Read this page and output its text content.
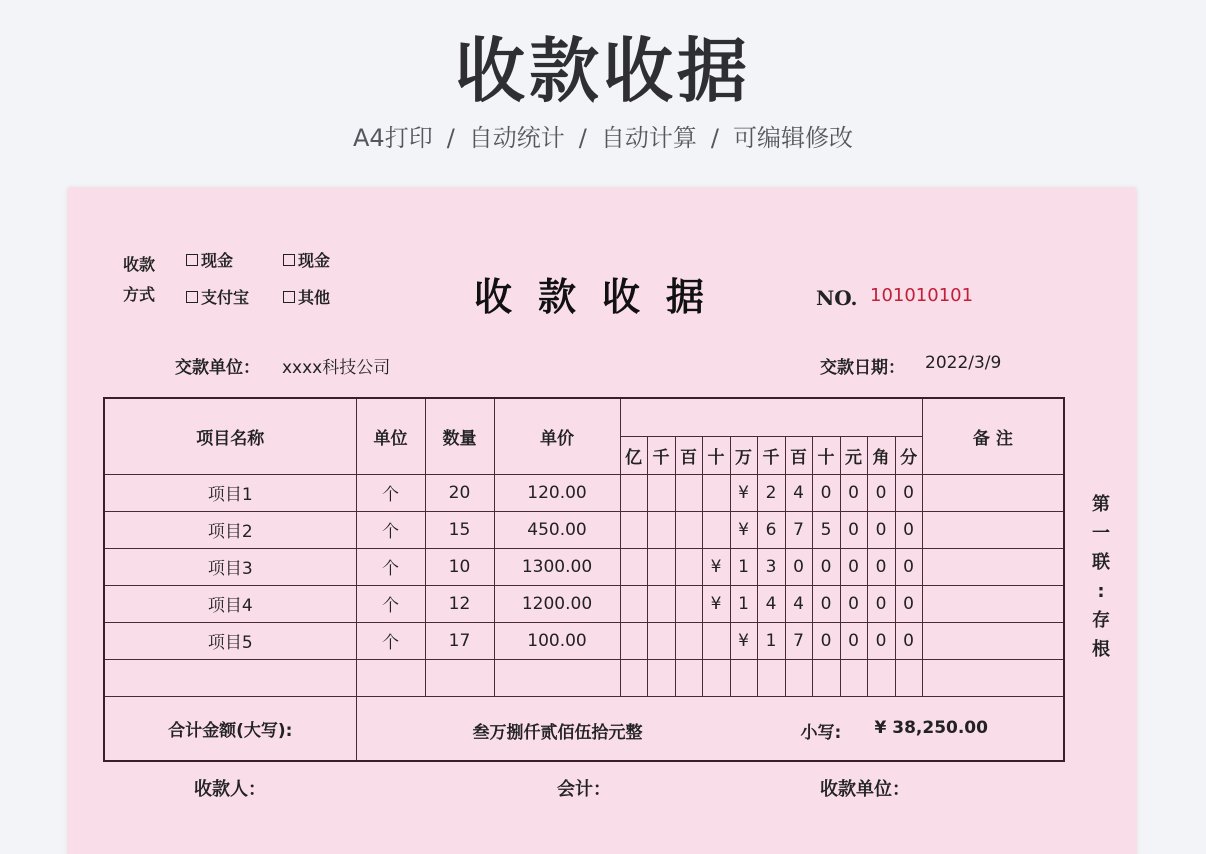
收款收据
A4打印 / 自动统计 / 自动计算 / 可编辑修改
收款
方式
现金	现金
支付宝	其他	收款收据	NO. 101010101
交款单位： xxxx科技公司	交款日期： 2022/3/9
项目名称	单位	数量	单价												备 注
				亿	千	百	十	万	千	百	十	元	角	分	
项目1	个	20	120.00					¥	2	4	0	0	0	0	
项目2	个	15	450.00					¥	6	7	5	0	0	0	
项目3	个	10	1300.00				¥	1	3	0	0	0	0	0	
项目4	个	12	1200.00				¥	1	4	4	0	0	0	0	
项目5	个	17	100.00					¥	1	7	0	0	0	0	

合计金额(大写):	叁万捌仟贰佰伍拾元整 小写: ¥ 38,250.00														
第
一
联
:
存
根
收款人：	会计：	收款单位：
